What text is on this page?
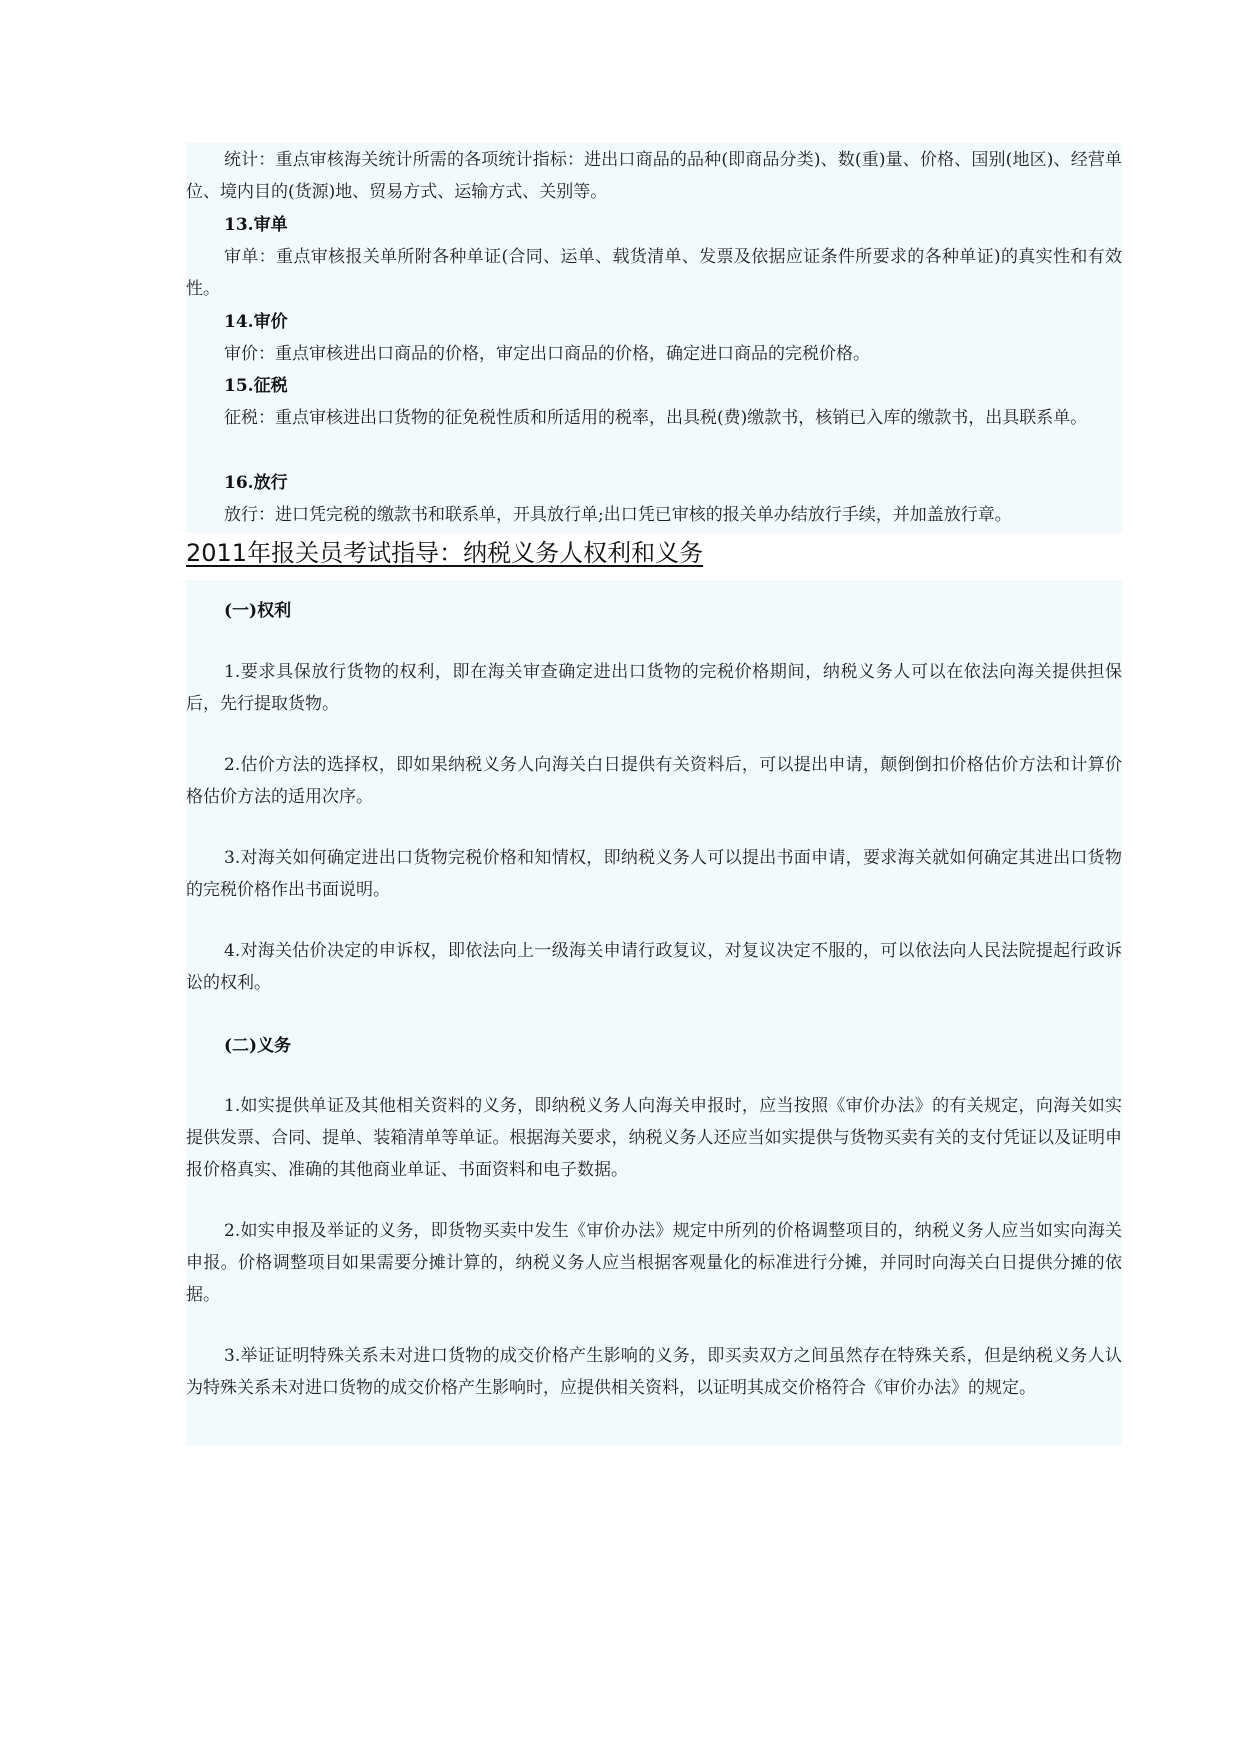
统计：重点审核海关统计所需的各项统计指标：进出口商品的品种(即商品分类)、数(重)量、价格、国别(地区)、经营单位、境内目的(货源)地、贸易方式、运输方式、关别等。

13.审单

审单：重点审核报关单所附各种单证(合同、运单、载货清单、发票及依据应证条件所要求的各种单证)的真实性和有效性。

14.审价

审价：重点审核进出口商品的价格，审定出口商品的价格，确定进口商品的完税价格。

15.征税

征税：重点审核进出口货物的征免税性质和所适用的税率，出具税(费)缴款书，核销已入库的缴款书，出具联系单。

16.放行

放行：进口凭完税的缴款书和联系单，开具放行单;出口凭已审核的报关单办结放行手续，并加盖放行章。

2011年报关员考试指导：纳税义务人权利和义务

(一)权利

1.要求具保放行货物的权利，即在海关审查确定进出口货物的完税价格期间，纳税义务人可以在依法向海关提供担保后，先行提取货物。

2.估价方法的选择权，即如果纳税义务人向海关白日提供有关资料后，可以提出申请，颠倒倒扣价格估价方法和计算价格估价方法的适用次序。

3.对海关如何确定进出口货物完税价格和知情权，即纳税义务人可以提出书面申请，要求海关就如何确定其进出口货物的完税价格作出书面说明。

4.对海关估价决定的申诉权，即依法向上一级海关申请行政复议，对复议决定不服的，可以依法向人民法院提起行政诉讼的权利。

(二)义务

1.如实提供单证及其他相关资料的义务，即纳税义务人向海关申报时，应当按照《审价办法》的有关规定，向海关如实提供发票、合同、提单、装箱清单等单证。根据海关要求，纳税义务人还应当如实提供与货物买卖有关的支付凭证以及证明申报价格真实、准确的其他商业单证、书面资料和电子数据。

2.如实申报及举证的义务，即货物买卖中发生《审价办法》规定中所列的价格调整项目的，纳税义务人应当如实向海关申报。价格调整项目如果需要分摊计算的，纳税义务人应当根据客观量化的标准进行分摊，并同时向海关白日提供分摊的依据。

3.举证证明特殊关系未对进口货物的成交价格产生影响的义务，即买卖双方之间虽然存在特殊关系，但是纳税义务人认为特殊关系未对进口货物的成交价格产生影响时，应提供相关资料，以证明其成交价格符合《审价办法》的规定。
